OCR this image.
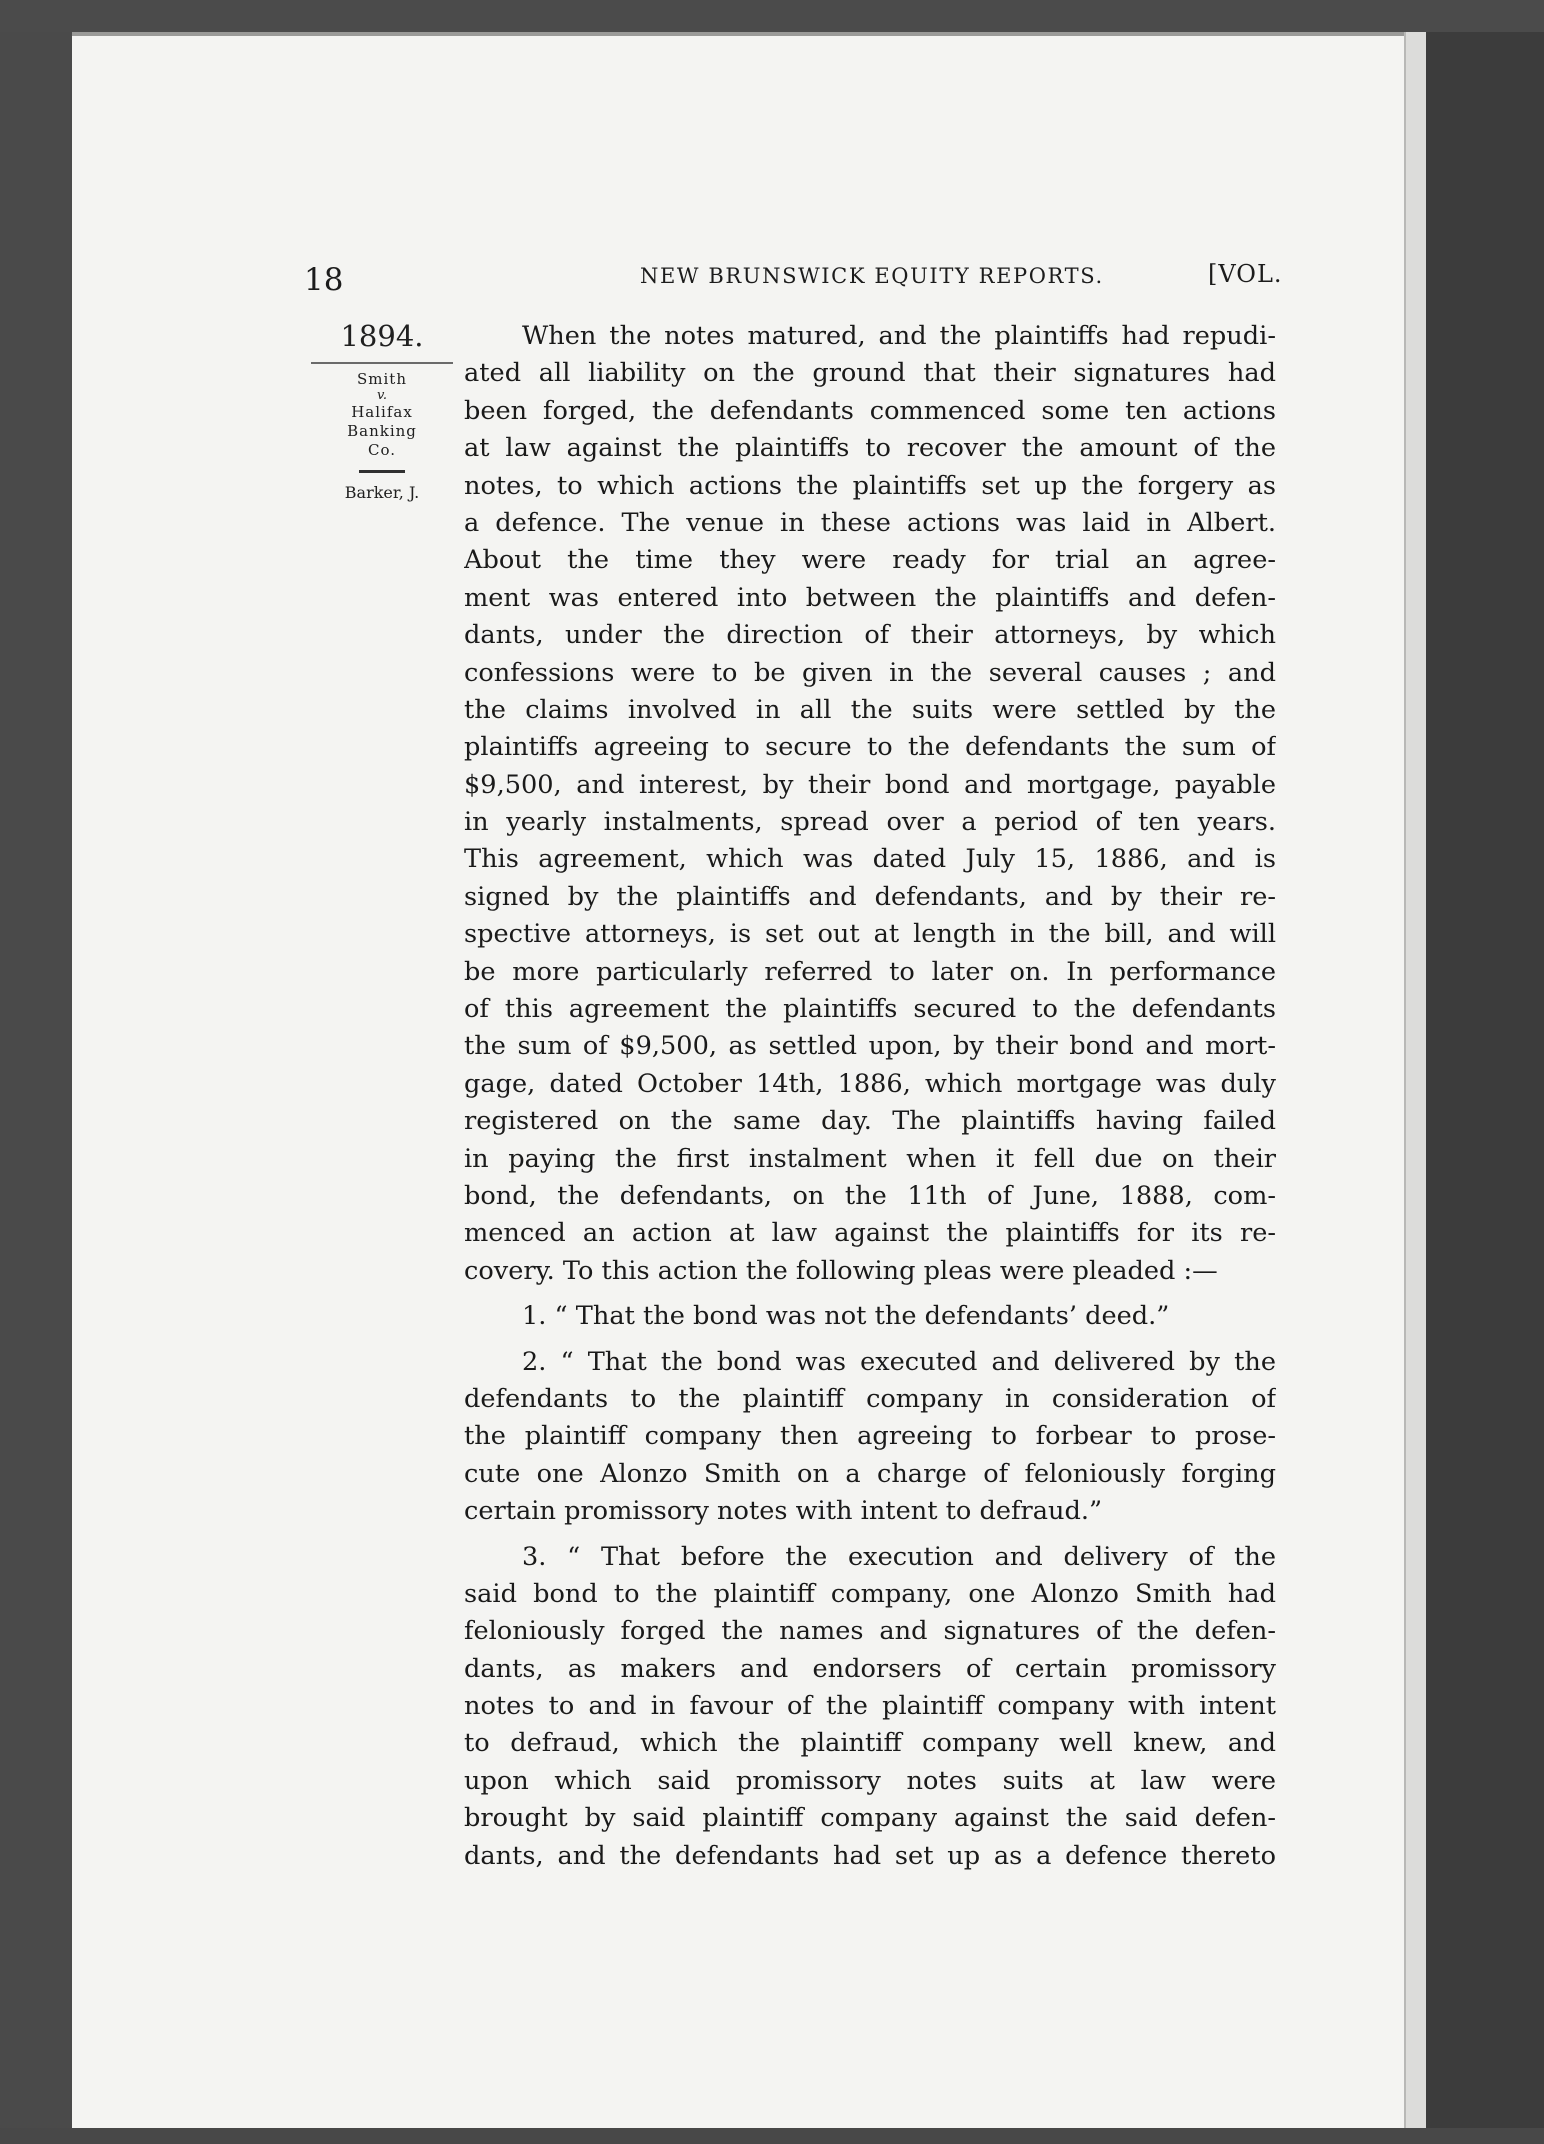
18	NEW BRUNSWICK EQUITY REPORTS.	[VOL.
1894.
Smith
v.
Halifax
Banking
Co.
Barker, J.
When the notes matured, and the plaintiffs had repudi-
ated all liability on the ground that their signatures had
been forged, the defendants commenced some ten actions
at law against the plaintiffs to recover the amount of the
notes, to which actions the plaintiffs set up the forgery as
a defence. The venue in these actions was laid in Albert.
About the time they were ready for trial an agree-
ment was entered into between the plaintiffs and defen-
dants, under the direction of their attorneys, by which
confessions were to be given in the several causes ; and
the claims involved in all the suits were settled by the
plaintiffs agreeing to secure to the defendants the sum of
$9,500, and interest, by their bond and mortgage, payable
in yearly instalments, spread over a period of ten years.
This agreement, which was dated July 15, 1886, and is
signed by the plaintiffs and defendants, and by their re-
spective attorneys, is set out at length in the bill, and will
be more particularly referred to later on. In performance
of this agreement the plaintiffs secured to the defendants
the sum of $9,500, as settled upon, by their bond and mort-
gage, dated October 14th, 1886, which mortgage was duly
registered on the same day. The plaintiffs having failed
in paying the first instalment when it fell due on their
bond, the defendants, on the 11th of June, 1888, com-
menced an action at law against the plaintiffs for its re-
covery. To this action the following pleas were pleaded :—
1. “ That the bond was not the defendants’ deed.”
2. “ That the bond was executed and delivered by the
defendants to the plaintiff company in consideration of
the plaintiff company then agreeing to forbear to prose-
cute one Alonzo Smith on a charge of feloniously forging
certain promissory notes with intent to defraud.”
3. “ That before the execution and delivery of the
said bond to the plaintiff company, one Alonzo Smith had
feloniously forged the names and signatures of the defen-
dants, as makers and endorsers of certain promissory
notes to and in favour of the plaintiff company with intent
to defraud, which the plaintiff company well knew, and
upon which said promissory notes suits at law were
brought by said plaintiff company against the said defen-
dants, and the defendants had set up as a defence thereto
